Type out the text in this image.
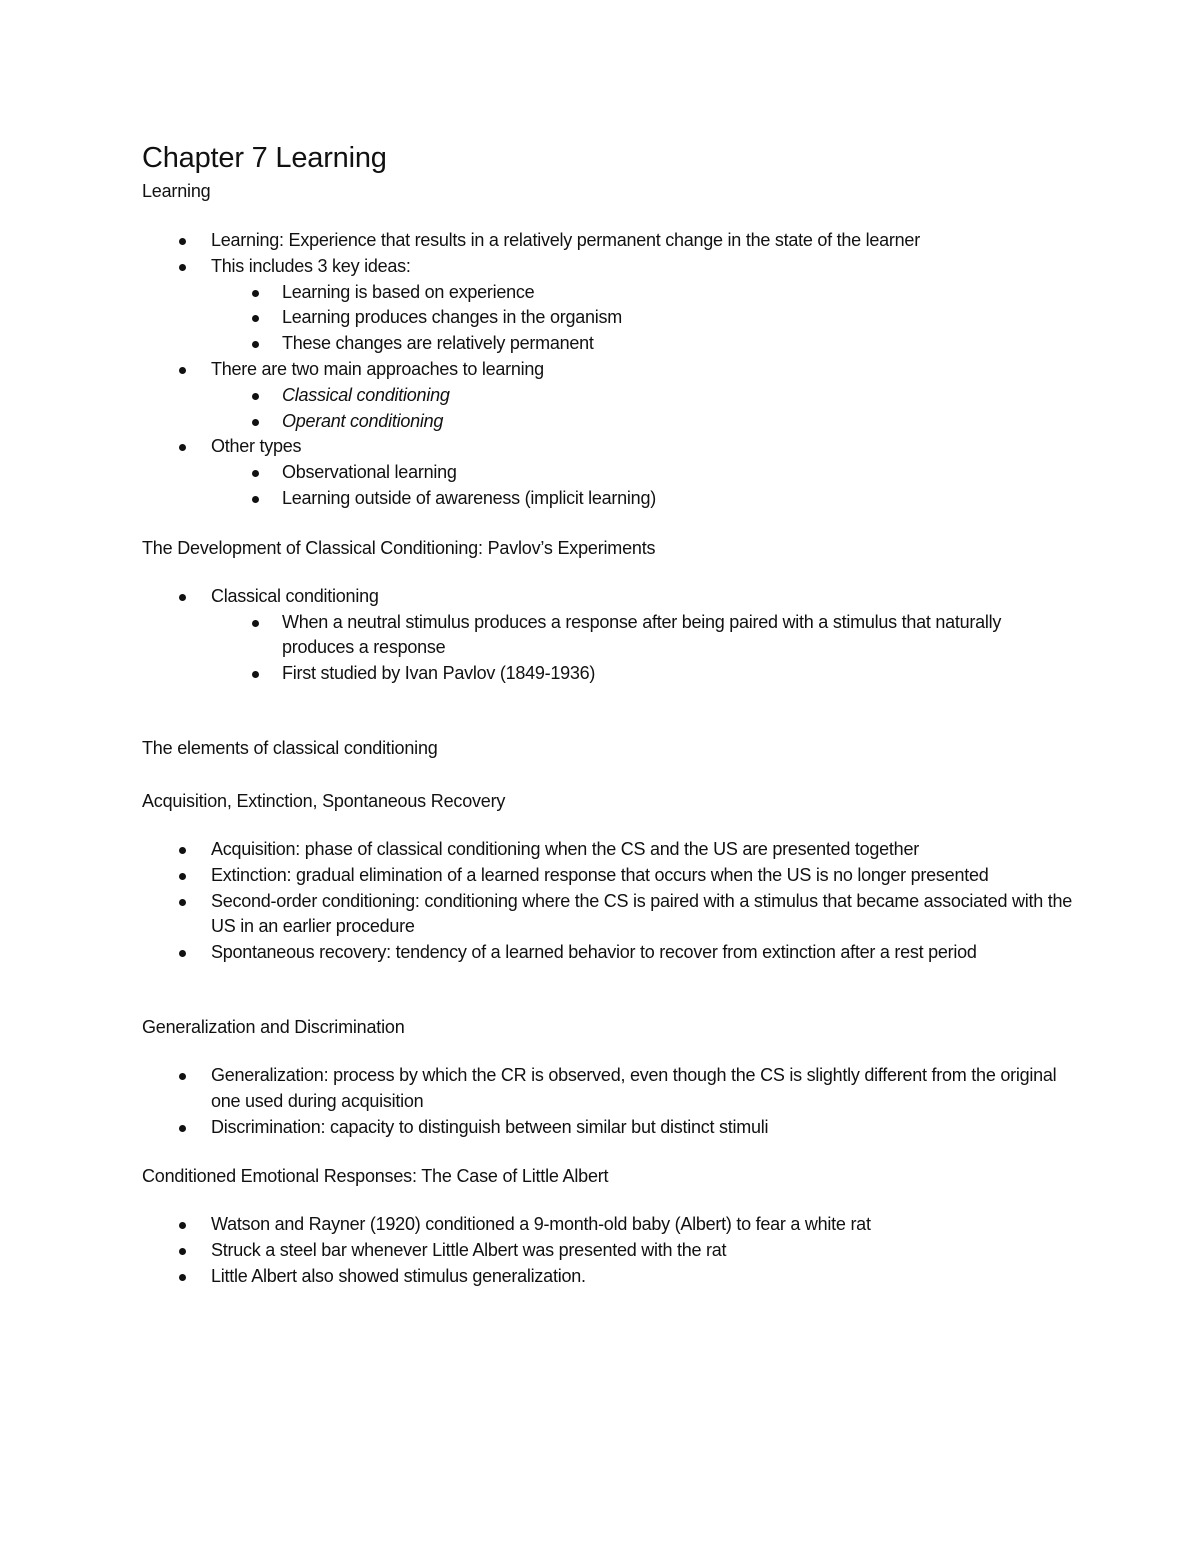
Chapter 7 Learning

Learning

Learning: Experience that results in a relatively permanent change in the state of the learner
This includes 3 key ideas:
Learning is based on experience
Learning produces changes in the organism
These changes are relatively permanent
There are two main approaches to learning
Classical conditioning
Operant conditioning
Other types
Observational learning
Learning outside of awareness (implicit learning)

The Development of Classical Conditioning: Pavlov’s Experiments

Classical conditioning
When a neutral stimulus produces a response after being paired with a stimulus that naturally produces a response
First studied by Ivan Pavlov (1849-1936)

The elements of classical conditioning

Acquisition, Extinction, Spontaneous Recovery

Acquisition: phase of classical conditioning when the CS and the US are presented together
Extinction: gradual elimination of a learned response that occurs when the US is no longer presented
Second-order conditioning: conditioning where the CS is paired with a stimulus that became associated with the US in an earlier procedure
Spontaneous recovery: tendency of a learned behavior to recover from extinction after a rest period

Generalization and Discrimination

Generalization: process by which the CR is observed, even though the CS is slightly different from the original one used during acquisition
Discrimination: capacity to distinguish between similar but distinct stimuli

Conditioned Emotional Responses: The Case of Little Albert

Watson and Rayner (1920) conditioned a 9-month-old baby (Albert) to fear a white rat
Struck a steel bar whenever Little Albert was presented with the rat
Little Albert also showed stimulus generalization.
